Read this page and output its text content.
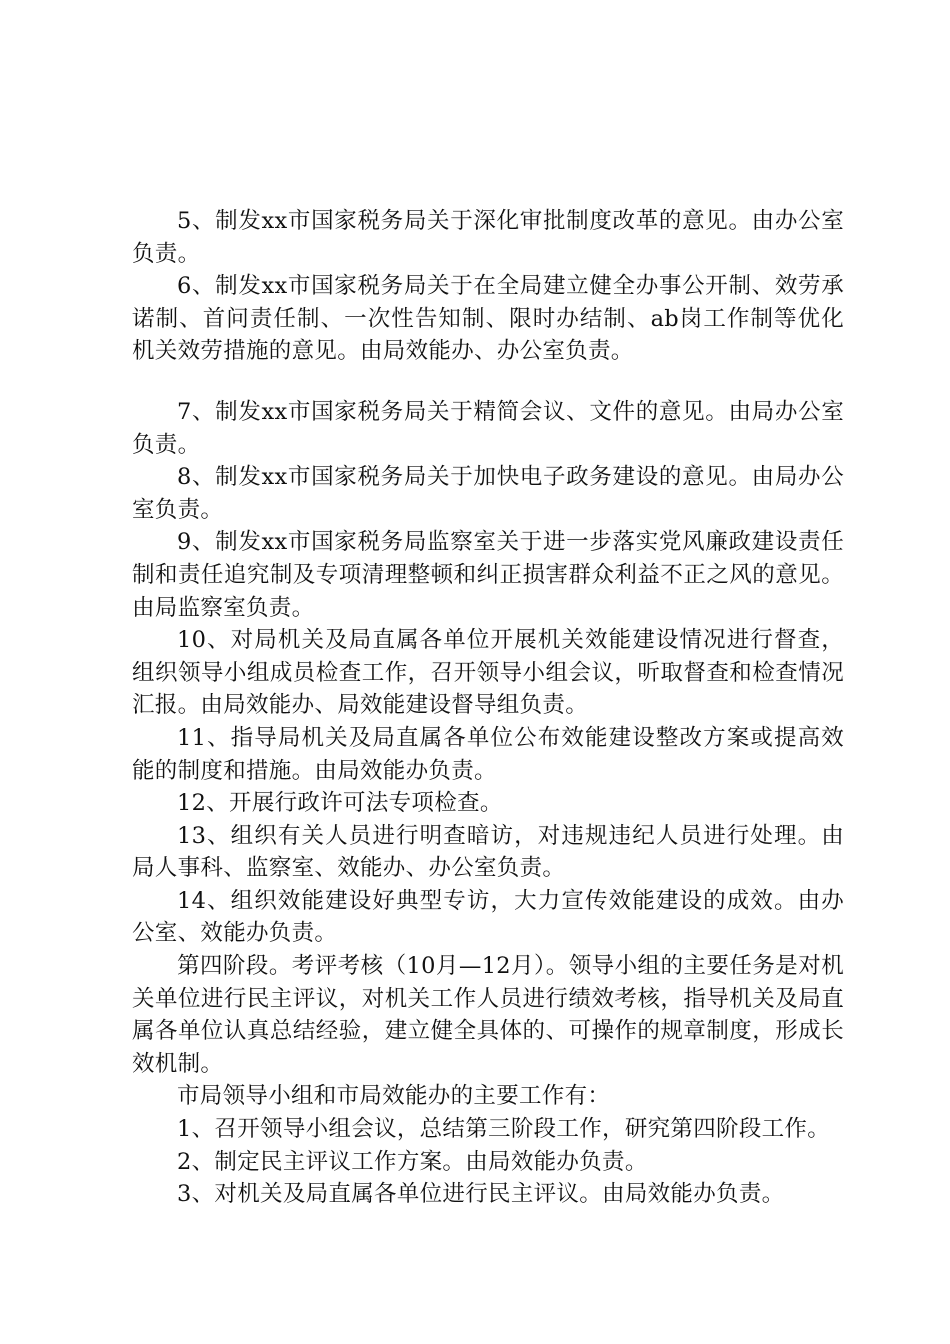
5、制发xx市国家税务局关于深化审批制度改革的意见。由办公室负责。

6、制发xx市国家税务局关于在全局建立健全办事公开制、效劳承诺制、首问责任制、一次性告知制、限时办结制、ab岗工作制等优化机关效劳措施的意见。由局效能办、办公室负责。

7、制发xx市国家税务局关于精简会议、文件的意见。由局办公室负责。

8、制发xx市国家税务局关于加快电子政务建设的意见。由局办公室负责。

9、制发xx市国家税务局监察室关于进一步落实党风廉政建设责任制和责任追究制及专项清理整顿和纠正损害群众利益不正之风的意见。由局监察室负责。

10、对局机关及局直属各单位开展机关效能建设情况进行督查，组织领导小组成员检查工作，召开领导小组会议，听取督查和检查情况汇报。由局效能办、局效能建设督导组负责。

11、指导局机关及局直属各单位公布效能建设整改方案或提高效能的制度和措施。由局效能办负责。

12、开展行政许可法专项检查。

13、组织有关人员进行明查暗访，对违规违纪人员进行处理。由局人事科、监察室、效能办、办公室负责。

14、组织效能建设好典型专访，大力宣传效能建设的成效。由办公室、效能办负责。

第四阶段。考评考核（10月—12月）。领导小组的主要任务是对机关单位进行民主评议，对机关工作人员进行绩效考核，指导机关及局直属各单位认真总结经验，建立健全具体的、可操作的规章制度，形成长效机制。

市局领导小组和市局效能办的主要工作有：

1、召开领导小组会议，总结第三阶段工作，研究第四阶段工作。

2、制定民主评议工作方案。由局效能办负责。

3、对机关及局直属各单位进行民主评议。由局效能办负责。
